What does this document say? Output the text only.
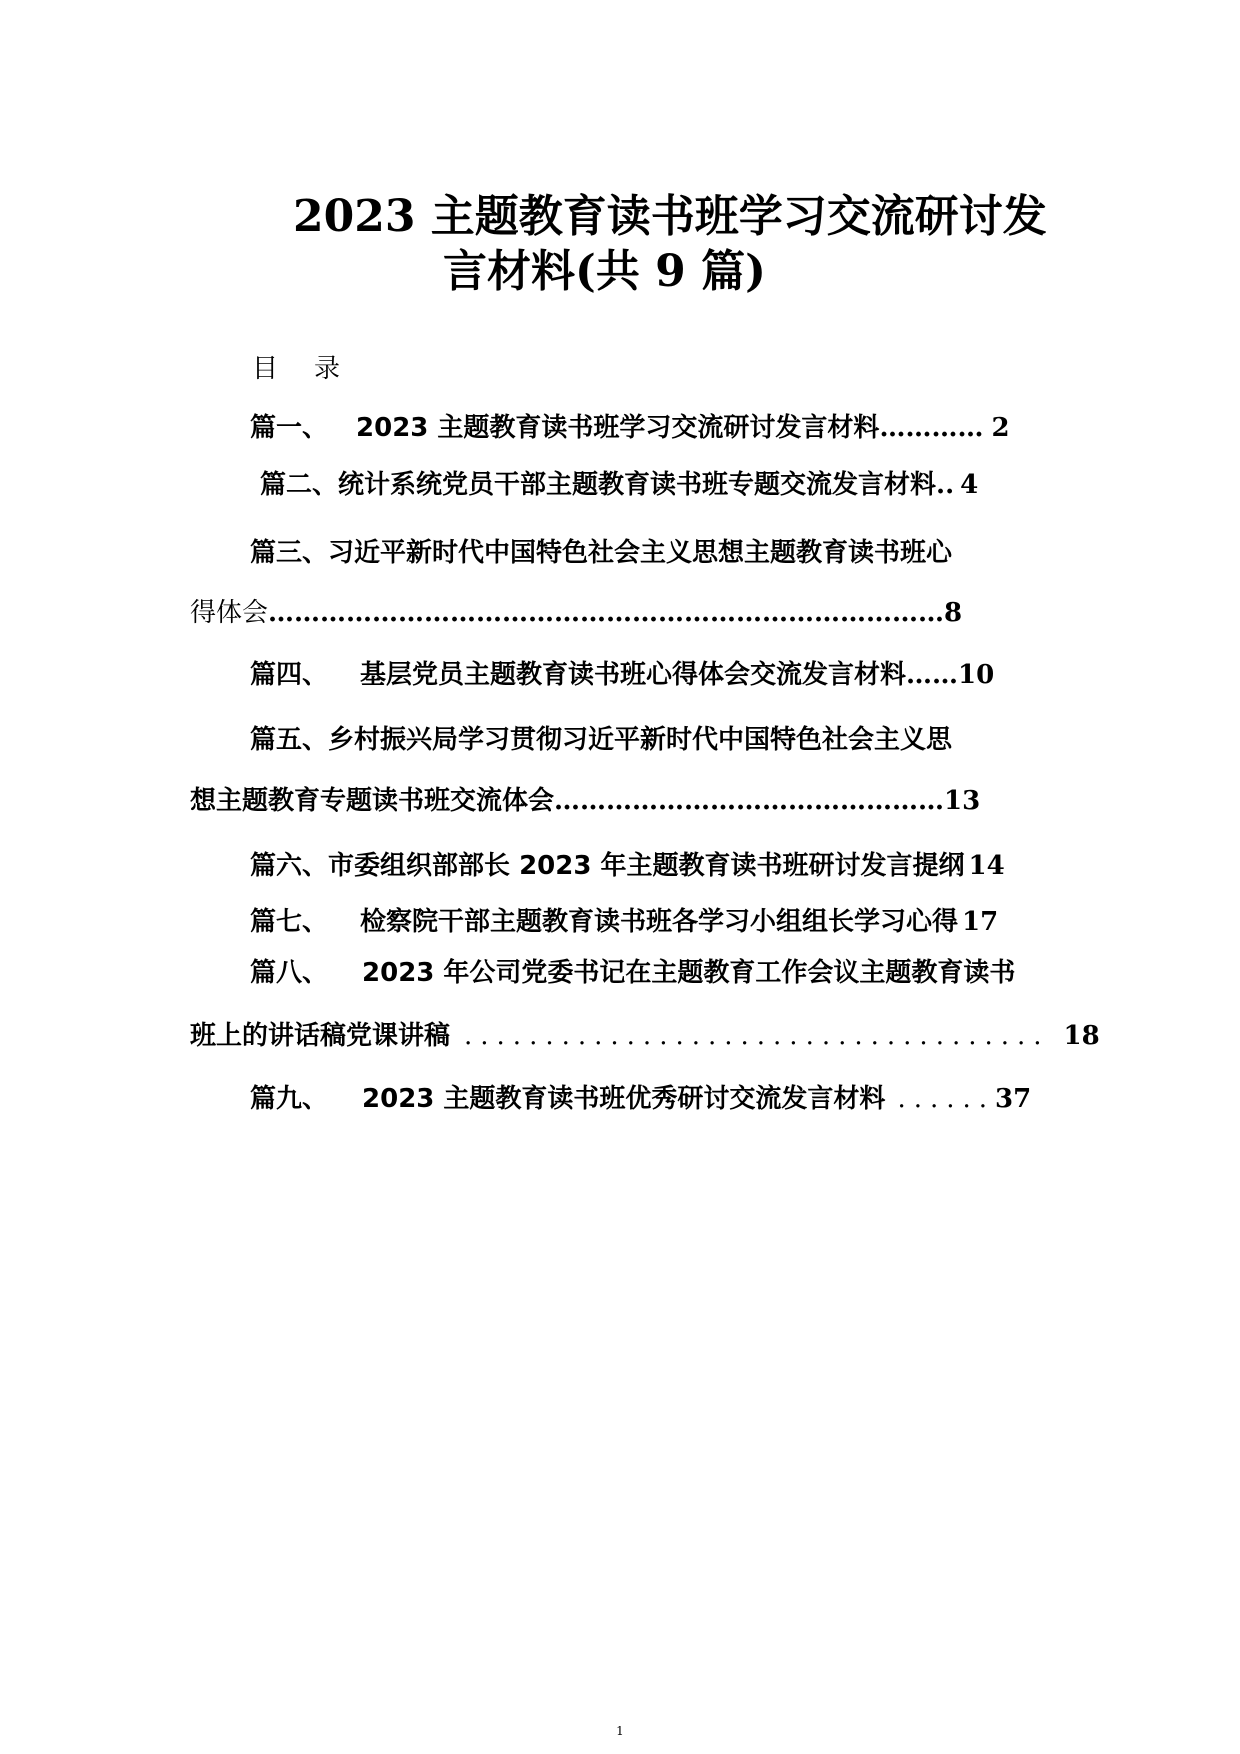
2023 主题教育读书班学习交流研讨发
言材料(共 9 篇)
目 录
篇一、 2023 主题教育读书班学习交流研讨发言材料………… 2
篇二、统计系统党员干部主题教育读书班专题交流发言材料.. 4
篇三、习近平新时代中国特色社会主义思想主题教育读书班心
得体会……………………………………………………………………8
篇四、 基层党员主题教育读书班心得体会交流发言材料……10
篇五、乡村振兴局学习贯彻习近平新时代中国特色社会主义思
想主题教育专题读书班交流体会………………………………………13
篇六、市委组织部部长 2023 年主题教育读书班研讨发言提纲 14
篇七、 检察院干部主题教育读书班各学习小组组长学习心得 17
篇八、 2023 年公司党委书记在主题教育工作会议主题教育读书
班上的讲话稿党课讲稿 .................................... 18
篇九、 2023 主题教育读书班优秀研讨交流发言材料 ......37
1
